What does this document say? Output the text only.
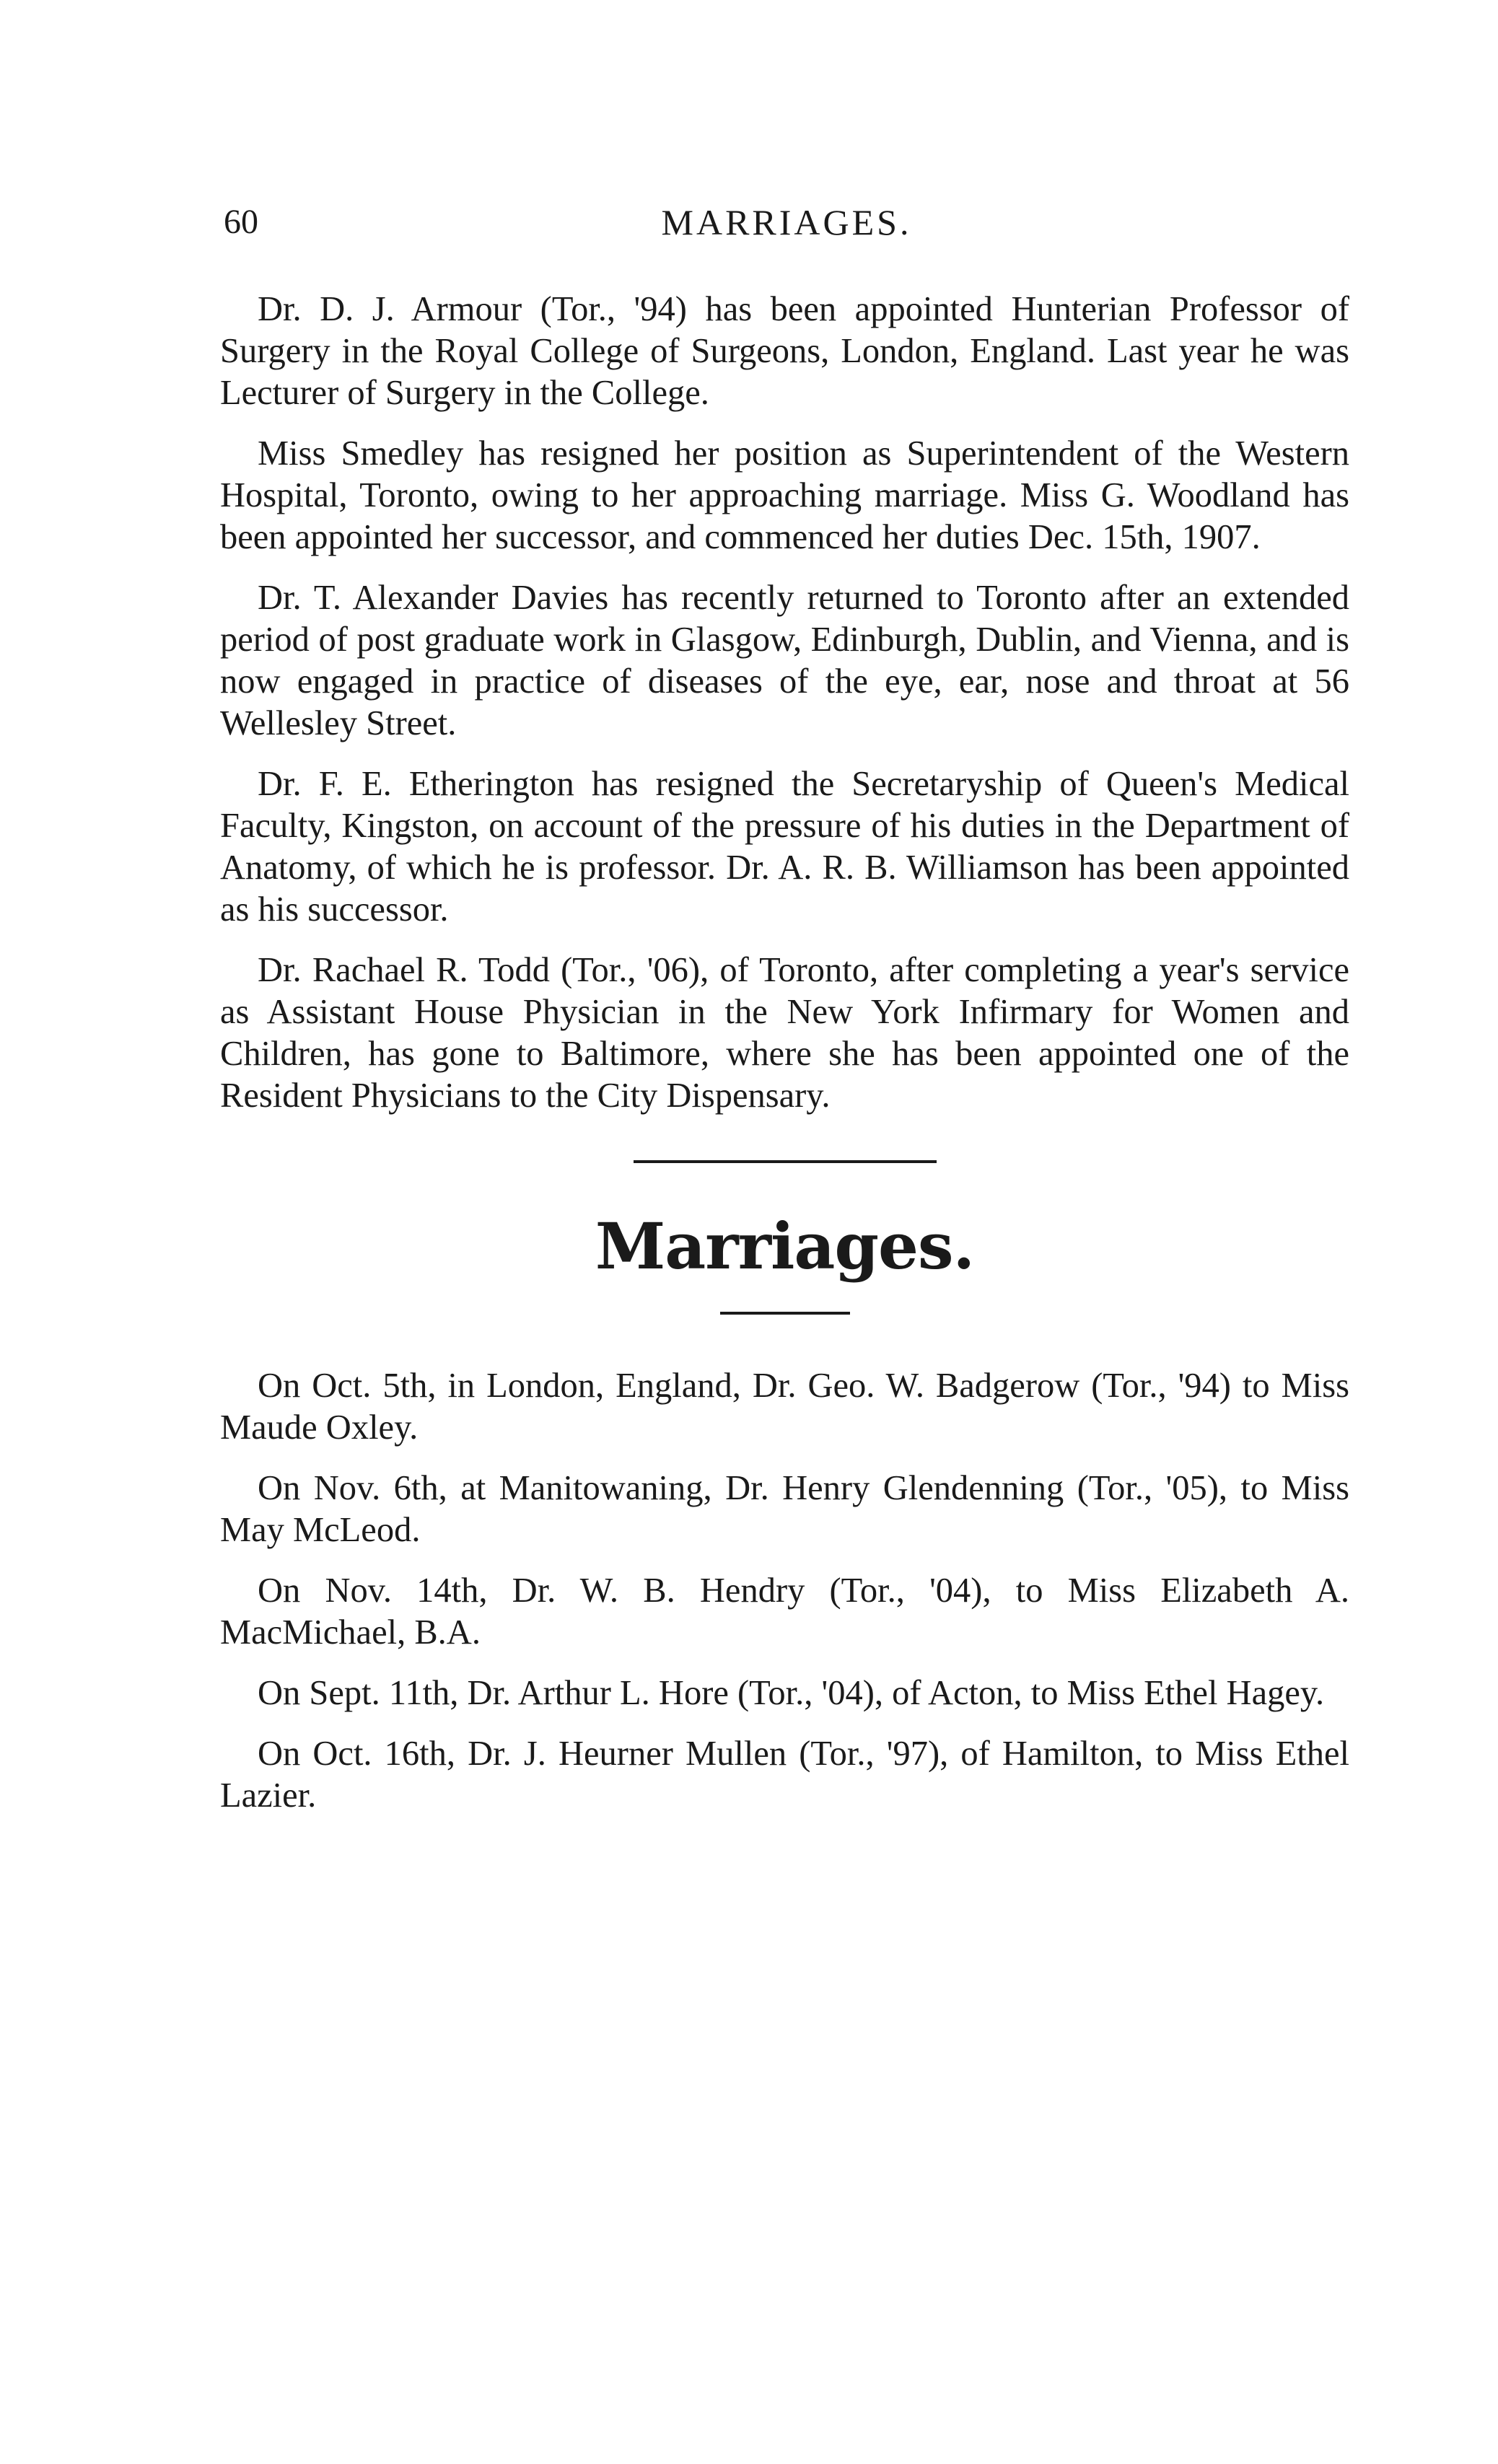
60	MARRIAGES.

Dr. D. J. Armour (Tor., '94) has been appointed Hunterian Professor of Surgery in the Royal College of Surgeons, London, England. Last year he was Lecturer of Surgery in the College.

Miss Smedley has resigned her position as Superintendent of the Western Hospital, Toronto, owing to her approaching marriage. Miss G. Woodland has been appointed her successor, and commenced her duties Dec. 15th, 1907.

Dr. T. Alexander Davies has recently returned to Toronto after an extended period of post graduate work in Glasgow, Edinburgh, Dublin, and Vienna, and is now engaged in practice of diseases of the eye, ear, nose and throat at 56 Wellesley Street.

Dr. F. E. Etherington has resigned the Secretaryship of Queen's Medical Faculty, Kingston, on account of the pressure of his duties in the Department of Anatomy, of which he is professor. Dr. A. R. B. Williamson has been appointed as his successor.

Dr. Rachael R. Todd (Tor., '06), of Toronto, after completing a year's service as Assistant House Physician in the New York Infirmary for Women and Children, has gone to Baltimore, where she has been appointed one of the Resident Physicians to the City Dispensary.

Marriages.

On Oct. 5th, in London, England, Dr. Geo. W. Badgerow (Tor., '94) to Miss Maude Oxley.

On Nov. 6th, at Manitowaning, Dr. Henry Glendenning (Tor., '05), to Miss May McLeod.

On Nov. 14th, Dr. W. B. Hendry (Tor., '04), to Miss Elizabeth A. MacMichael, B.A.

On Sept. 11th, Dr. Arthur L. Hore (Tor., '04), of Acton, to Miss Ethel Hagey.

On Oct. 16th, Dr. J. Heurner Mullen (Tor., '97), of Hamilton, to Miss Ethel Lazier.
